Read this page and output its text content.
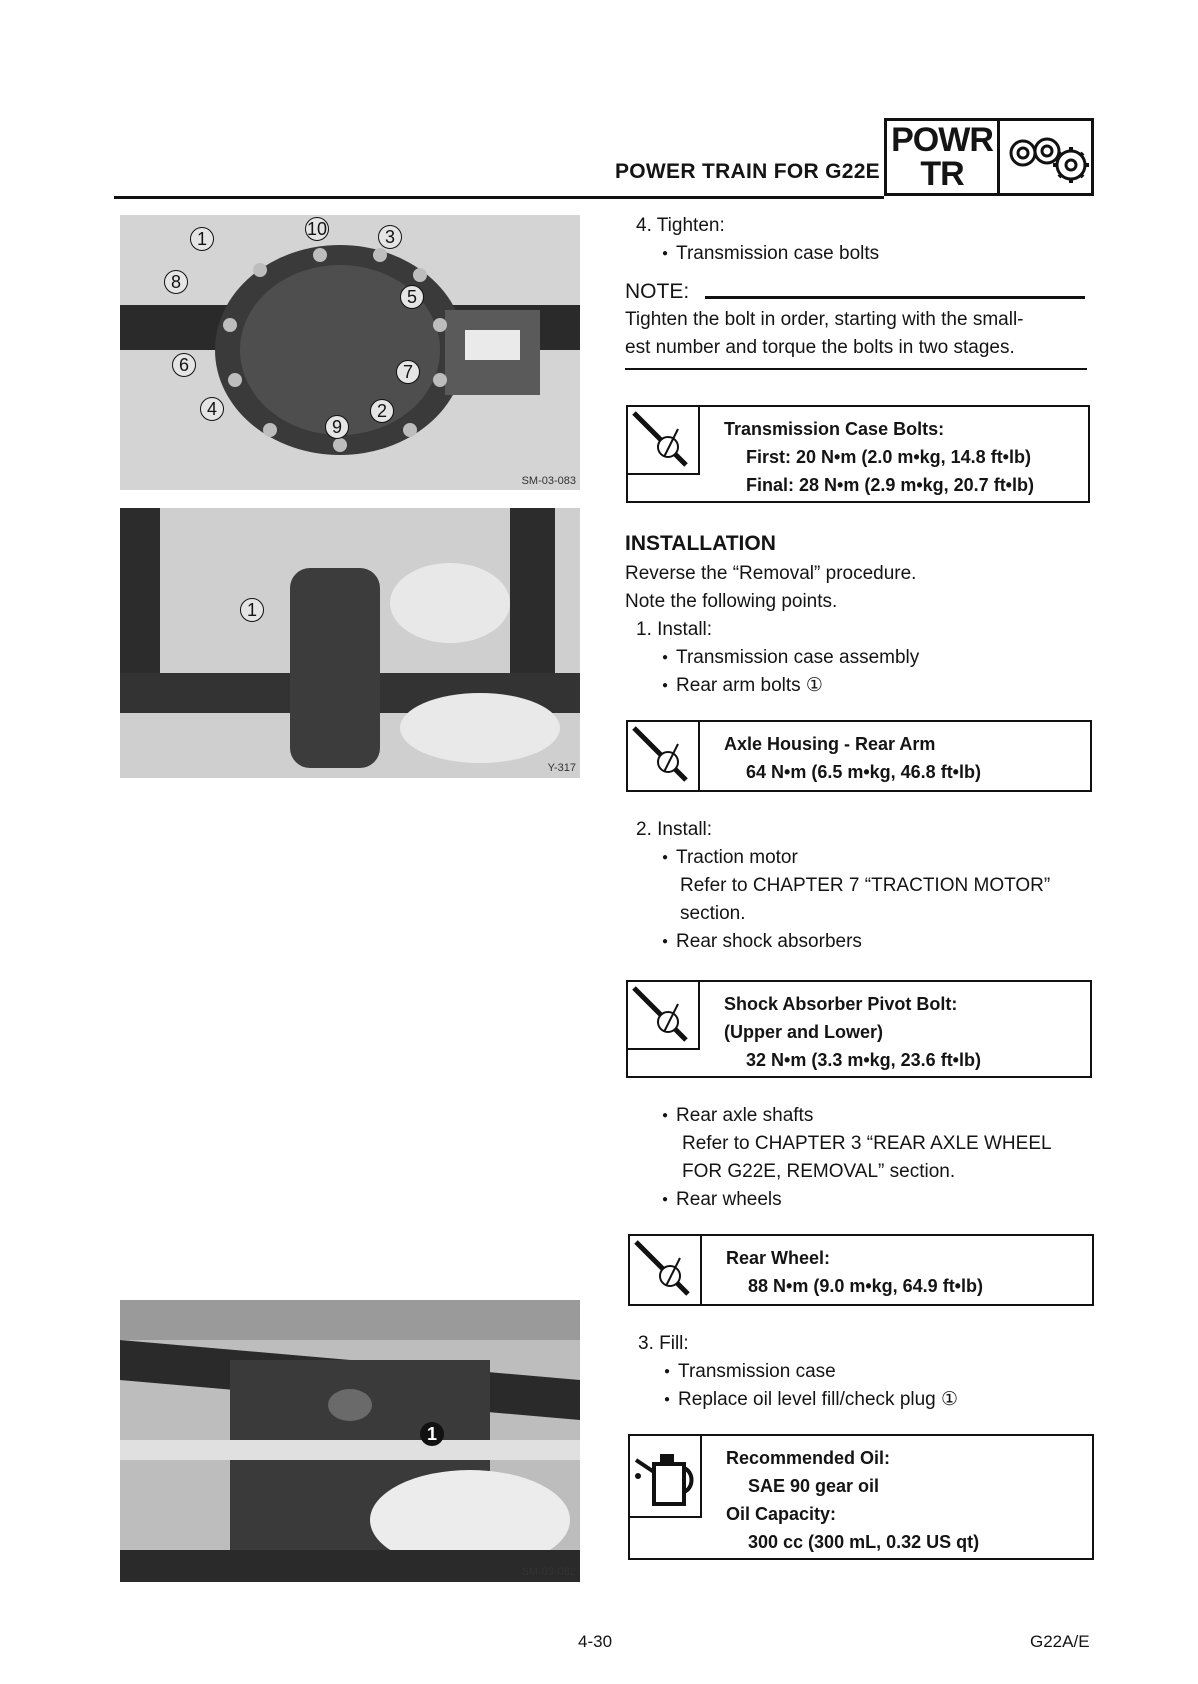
POWER TRAIN FOR G22E
POWR
TR
10
1	3
8
5
6	7
4	2
9
SM-03-083
1
Y-317
1
SM-03-082
4. Tighten:
● Transmission case bolts
NOTE:
Tighten the bolt in order, starting with the small-
est number and torque the bolts in two stages.
Transmission Case Bolts:
First: 20 N•m (2.0 m•kg, 14.8 ft•lb)
Final: 28 N•m (2.9 m•kg, 20.7 ft•lb)
INSTALLATION
Reverse the “Removal” procedure.
Note the following points.
1. Install:
● Transmission case assembly
● Rear arm bolts ①
Axle Housing - Rear Arm
64 N•m (6.5 m•kg, 46.8 ft•lb)
2. Install:
● Traction motor
Refer to CHAPTER 7 “TRACTION MOTOR”
section.
● Rear shock absorbers
Shock Absorber Pivot Bolt:
(Upper and Lower)
32 N•m (3.3 m•kg, 23.6 ft•lb)
● Rear axle shafts
Refer to CHAPTER 3 “REAR AXLE WHEEL
FOR G22E, REMOVAL” section.
● Rear wheels
Rear Wheel:
88 N•m (9.0 m•kg, 64.9 ft•lb)
3. Fill:
● Transmission case
● Replace oil level fill/check plug ①
Recommended Oil:
SAE 90 gear oil
Oil Capacity:
300 cc (300 mL, 0.32 US qt)
4-30	G22A/E
